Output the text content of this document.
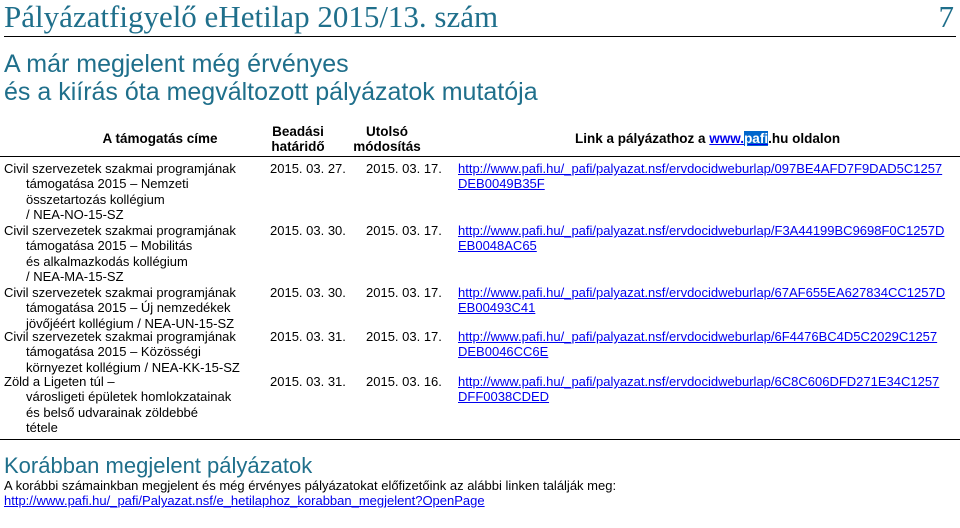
Pályázatfigyelő eHetilap 2015/13. szám	7
A már megjelent még érvényes
és a kiírás óta megváltozott pályázatok mutatója
A támogatás címe	Beadási határidő
Utolsó módosítás
Link a pályázathoz a www.pafi.hu oldalon
Civil szervezetek szakmai programjának
támogatása 2015 – Nemzeti
összetartozás kollégium
/ NEA-NO-15-SZ
2015. 03. 27. 2015. 03. 17. http://www.pafi.hu/_pafi/palyazat.nsf/ervdocidweburlap/097BE4AFD7F9DAD5C1257
DEB0049B35F
Civil szervezetek szakmai programjának
támogatása 2015 – Mobilitás
és alkalmazkodás kollégium
/ NEA-MA-15-SZ
2015. 03. 30. 2015. 03. 17. http://www.pafi.hu/_pafi/palyazat.nsf/ervdocidweburlap/F3A44199BC9698F0C1257D
EB0048AC65
Civil szervezetek szakmai programjának
támogatása 2015 – Új nemzedékek
jövőjéért kollégium / NEA-UN-15-SZ
2015. 03. 30. 2015. 03. 17. http://www.pafi.hu/_pafi/palyazat.nsf/ervdocidweburlap/67AF655EA627834CC1257D
EB00493C41
Civil szervezetek szakmai programjának
támogatása 2015 – Közösségi
környezet kollégium / NEA-KK-15-SZ
2015. 03. 31. 2015. 03. 17. http://www.pafi.hu/_pafi/palyazat.nsf/ervdocidweburlap/6F4476BC4D5C2029C1257
DEB0046CC6E
Zöld a Ligeten túl –
városligeti épületek homlokzatainak
és belső udvarainak zöldebbé
tétele
2015. 03. 31. 2015. 03. 16. http://www.pafi.hu/_pafi/palyazat.nsf/ervdocidweburlap/6C8C606DFD271E34C1257
DFF0038CDED
Korábban megjelent pályázatok
A korábbi számainkban megjelent és még érvényes pályázatokat előfizetőink az alábbi linken találják meg:
http://www.pafi.hu/_pafi/Palyazat.nsf/e_hetilaphoz_korabban_megjelent?OpenPage
